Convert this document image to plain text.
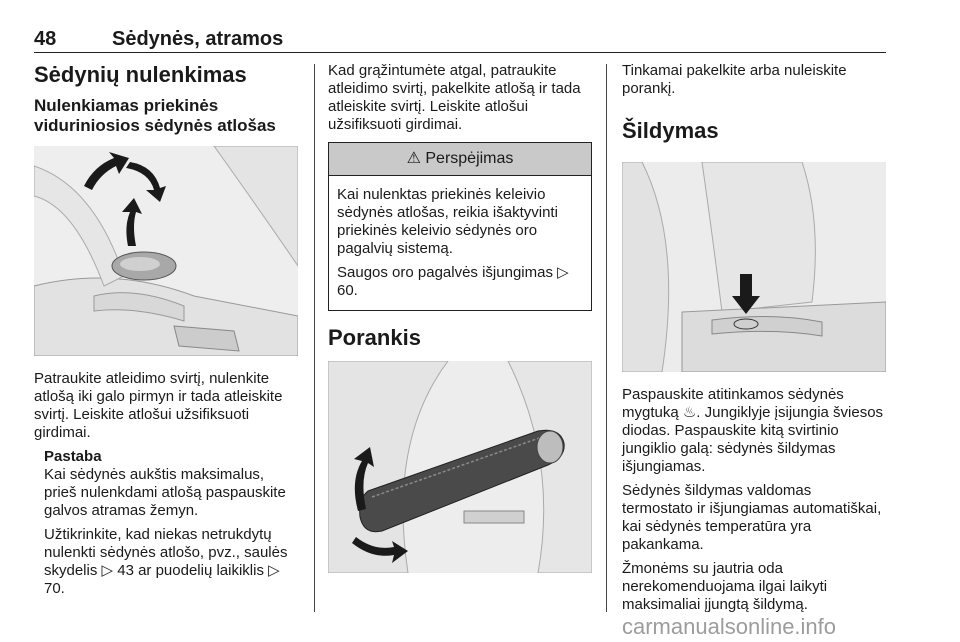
48	Sėdynės, atramos
Sėdynių nulenkimas
Nulenkiamas priekinės viduriniosios sėdynės atlošas

Patraukite atleidimo svirtį, nulenkite atlošą iki galo pirmyn ir tada atleiskite svirtį. Leiskite atlošui užsifiksuoti girdimai.

Pastaba

Kai sėdynės aukštis maksimalus, prieš nulenkdami atlošą paspauskite galvos atramas žemyn.

Užtikrinkite, kad niekas netrukdytų nulenkti sėdynės atlošo, pvz., saulės skydelis ▷ 43 ar puodelių laikiklis ▷ 70.

Kad grąžintumėte atgal, patraukite atleidimo svirtį, pakelkite atlošą ir tada atleiskite svirtį. Leiskite atlošui užsifiksuoti girdimai.

⚠ Perspėjimas

Kai nulenktas priekinės keleivio sėdynės atlošas, reikia išaktyvinti priekinės keleivio sėdynės oro pagalvių sistemą.

Saugos oro pagalvės išjungimas ▷ 60.

Porankis

Tinkamai pakelkite arba nuleiskite porankį.

Šildymas

Paspauskite atitinkamos sėdynės mygtuką ♨. Jungiklyje įsijungia šviesos diodas. Paspauskite kitą svirtinio jungiklio galą: sėdynės šildymas išjungiamas.

Sėdynės šildymas valdomas termostato ir išjungiamas automatiškai, kai sėdynės temperatūra yra pakankama.

Žmonėms su jautria oda nerekomenduojama ilgai laikyti maksimaliai įjungtą šildymą.

carmanualsonline.info
